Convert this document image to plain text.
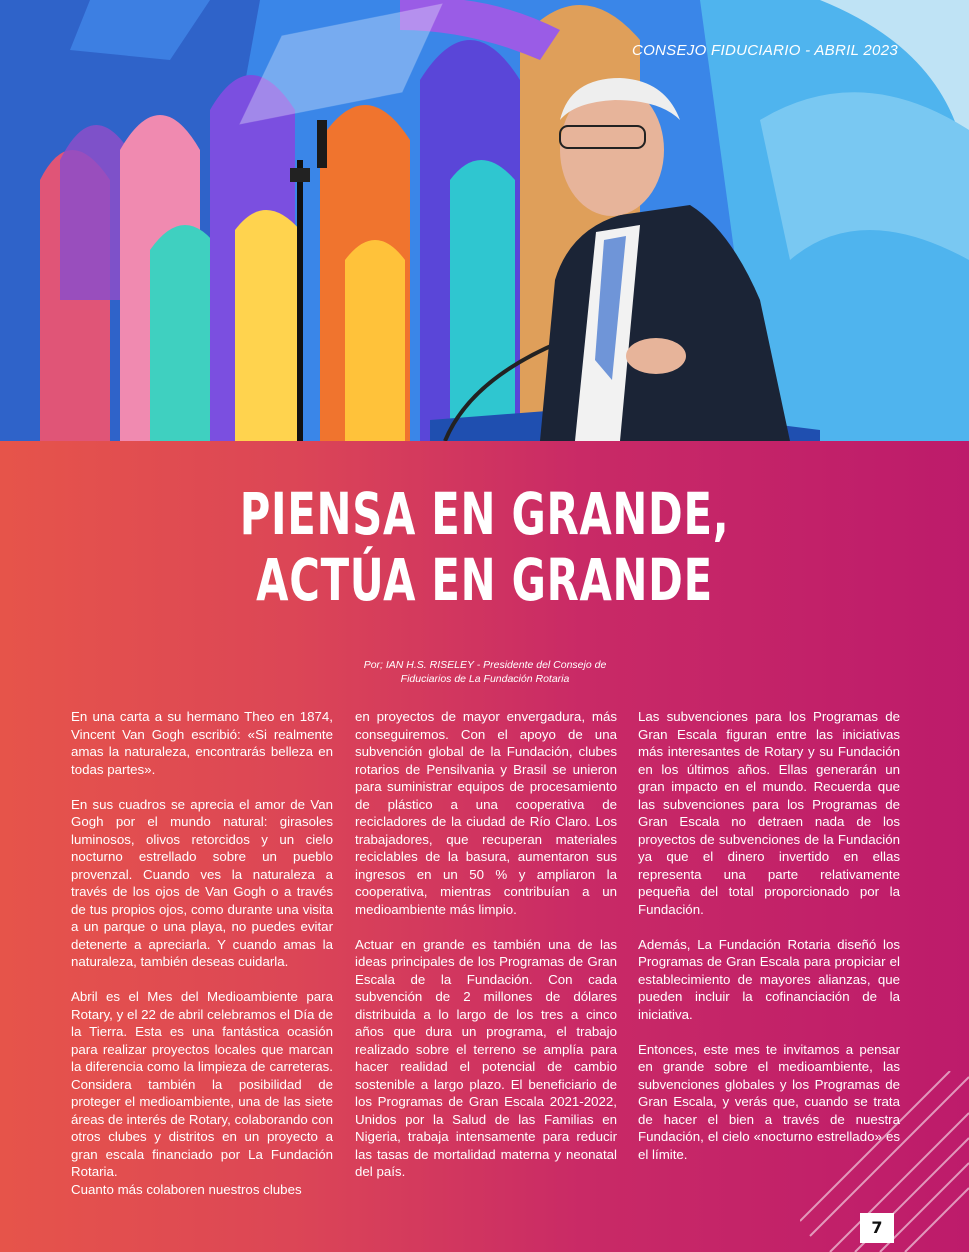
CONSEJO FIDUCIARIO - ABRIL 2023
PIENSA EN GRANDE,
ACTÚA EN GRANDE
Por; IAN H.S. RISELEY - Presidente del Consejo de
Fiduciarios de La Fundación Rotaria

En una carta a su hermano Theo en 1874, Vincent Van Gogh escribió: «Si realmente amas la naturaleza, encontrarás belleza en todas partes».

En sus cuadros se aprecia el amor de Van Gogh por el mundo natural: girasoles luminosos, olivos retorcidos y un cielo nocturno estrellado sobre un pueblo provenzal. Cuando ves la naturaleza a través de los ojos de Van Gogh o a través de tus propios ojos, como durante una visita a un parque o una playa, no puedes evitar detenerte a apreciarla. Y cuando amas la naturaleza, también deseas cuidarla.

Abril es el Mes del Medioambiente para Rotary, y el 22 de abril celebramos el Día de la Tierra. Esta es una fantástica ocasión para realizar proyectos locales que marcan la diferencia como la limpieza de carreteras. Considera también la posibilidad de proteger el medioambiente, una de las siete áreas de interés de Rotary, colaborando con otros clubes y distritos en un proyecto a gran escala financiado por La Fundación Rotaria.

Cuanto más colaboren nuestros clubes

en proyectos de mayor envergadura, más conseguiremos. Con el apoyo de una subvención global de la Fundación, clubes rotarios de Pensilvania y Brasil se unieron para suministrar equipos de procesamiento de plástico a una cooperativa de recicladores de la ciudad de Río Claro. Los trabajadores, que recuperan materiales reciclables de la basura, aumentaron sus ingresos en un 50 % y ampliaron la cooperativa, mientras contribuían a un medioambiente más limpio.

Actuar en grande es también una de las ideas principales de los Programas de Gran Escala de la Fundación. Con cada subvención de 2 millones de dólares distribuida a lo largo de los tres a cinco años que dura un programa, el trabajo realizado sobre el terreno se amplía para hacer realidad el potencial de cambio sostenible a largo plazo. El beneficiario de los Programas de Gran Escala 2021-2022, Unidos por la Salud de las Familias en Nigeria, trabaja intensamente para reducir las tasas de mortalidad materna y neonatal del país.

Las subvenciones para los Programas de Gran Escala figuran entre las iniciativas más interesantes de Rotary y su Fundación en los últimos años. Ellas generarán un gran impacto en el mundo. Recuerda que las subvenciones para los Programas de Gran Escala no detraen nada de los proyectos de subvenciones de la Fundación ya que el dinero invertido en ellas representa una parte relativamente pequeña del total proporcionado por la Fundación.

Además, La Fundación Rotaria diseñó los Programas de Gran Escala para propiciar el establecimiento de mayores alianzas, que pueden incluir la cofinanciación de la iniciativa.

Entonces, este mes te invitamos a pensar en grande sobre el medioambiente, las subvenciones globales y los Programas de Gran Escala, y verás que, cuando se trata de hacer el bien a través de nuestra Fundación, el cielo «nocturno estrellado» es el límite.

7
